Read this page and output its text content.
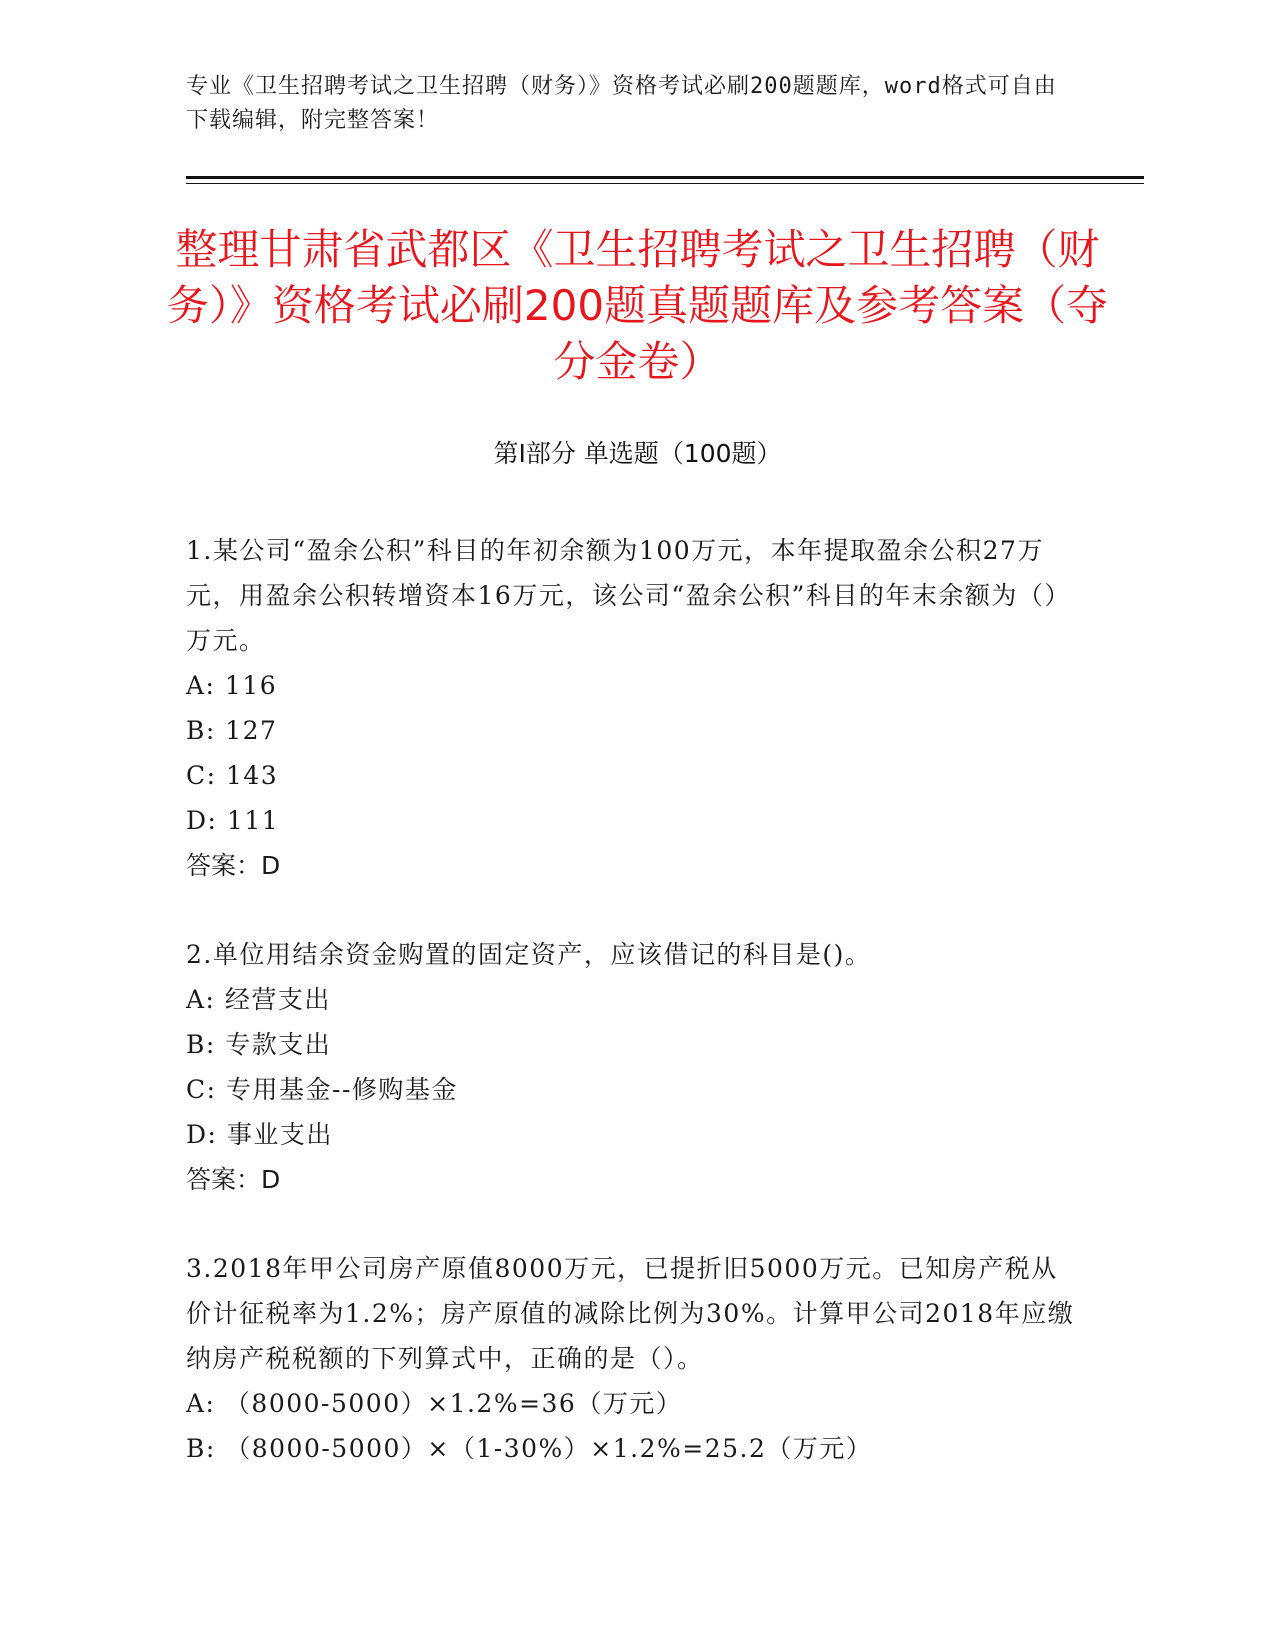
专业《卫生招聘考试之卫生招聘（财务）》资格考试必刷200题题库，word格式可自由下载编辑，附完整答案！
整理甘肃省武都区《卫生招聘考试之卫生招聘（财务）》资格考试必刷200题真题题库及参考答案（夺分金卷）
第Ⅰ部分 单选题（100题）

1.某公司“盈余公积”科目的年初余额为100万元，本年提取盈余公积27万元，用盈余公积转增资本16万元，该公司“盈余公积”科目的年末余额为（）万元。

A: 116

B: 127

C: 143

D: 111

答案：D

2.单位用结余资金购置的固定资产，应该借记的科目是()。

A: 经营支出

B: 专款支出

C: 专用基金--修购基金

D: 事业支出

答案：D

3.2018年甲公司房产原值8000万元，已提折旧5000万元。已知房产税从价计征税率为1.2%；房产原值的减除比例为30%。计算甲公司2018年应缴纳房产税税额的下列算式中，正确的是（）。

A: （8000-5000）×1.2%=36（万元）

B: （8000-5000）×（1-30%）×1.2%=25.2（万元）
